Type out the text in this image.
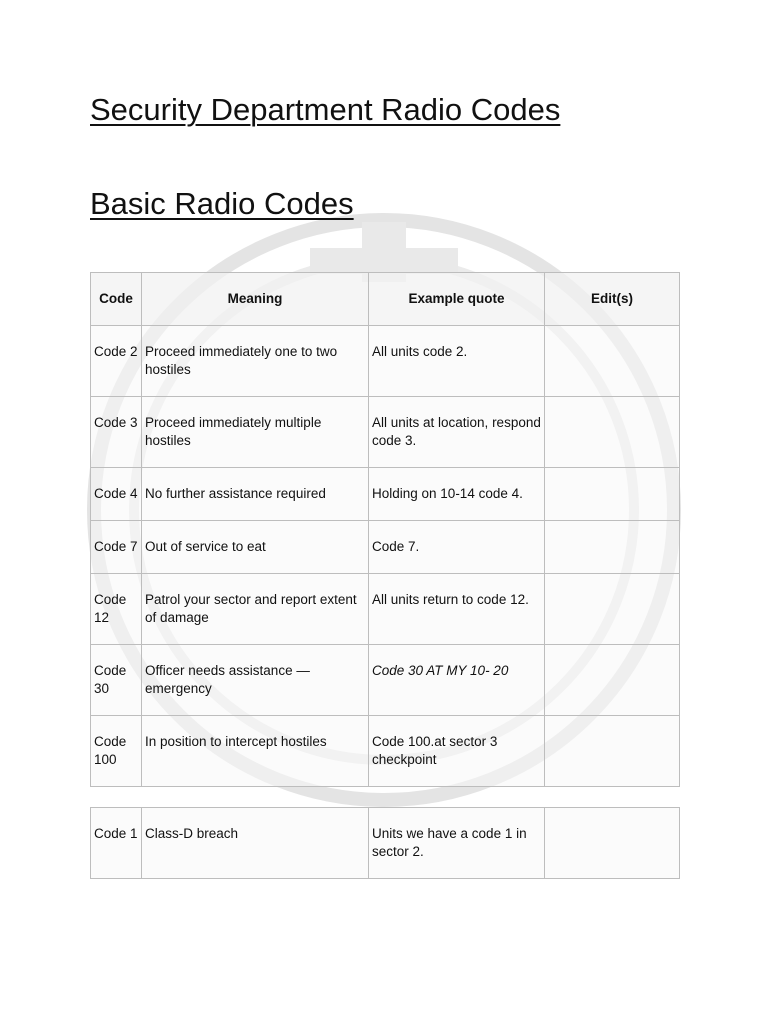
Security Department Radio Codes
Basic Radio Codes
Code	Meaning	Example quote	Edit(s)

Code 2	Proceed immediately one to two hostiles	All units code 2.	

Code 3	Proceed immediately multiple hostiles	All units at location, respond code 3.	

Code 4	No further assistance required	Holding on 10-14 code 4.	

Code 7	Out of service to eat	Code 7.	

Code 12	Patrol your sector and report extent of damage	All units return to code 12.	

Code 30	Officer needs assistance — emergency	Code 30 AT MY 10- 20	

Code 100	In position to intercept hostiles	Code 100.at sector 3 checkpoint	

Code 1	Class-D breach	Units we have a code 1 in sector 2.
